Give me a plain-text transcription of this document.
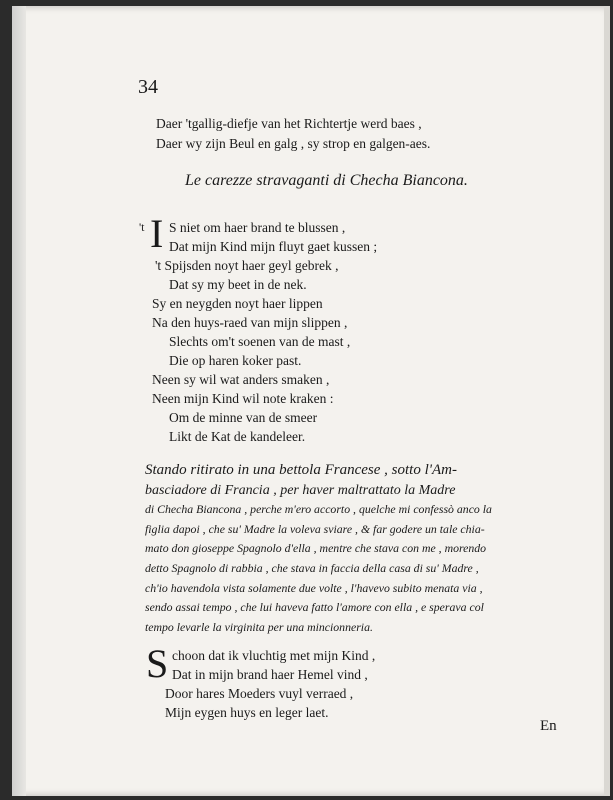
34
Daer 'tgallig-diefje van het Richtertje werd baes ,
Daer wy zijn Beul en galg , sy strop en galgen-aes.
Le carezze stravaganti di Checha Biancona.
't I S niet om haer brand te blussen ,
Dat mijn Kind mijn fluyt gaet kussen ;
't Spijsden noyt haer geyl gebrek ,
Dat sy my beet in de nek.
Sy en neygden noyt haer lippen
Na den huys-raed van mijn slippen ,
Slechts om't soenen van de mast ,
Die op haren koker past.
Neen sy wil wat anders smaken ,
Neen mijn Kind wil note kraken :
Om de minne van de smeer
Likt de Kat de kandeleer.
Stando ritirato in una bettola Francese , sotto l'Am-
basciadore di Francia , per haver maltrattato la Madre
di Checha Biancona , perche m'ero accorto , quelche mi confessò anco la
figlia dapoi , che su' Madre la voleva sviare , & far godere un tale chia-
mato don gioseppe Spagnolo d'ella , mentre che stava con me , morendo
detto Spagnolo di rabbia , che stava in faccia della casa di su' Madre ,
ch'io havendola vista solamente due volte , l'havevo subito menata via ,
sendo assai tempo , che lui haveva fatto l'amore con ella , e sperava col
tempo levarle la virginita per una mincionneria.
S choon dat ik vluchtig met mijn Kind ,
Dat in mijn brand haer Hemel vind ,
Door hares Moeders vuyl verraed ,
Mijn eygen huys en leger laet.
En
